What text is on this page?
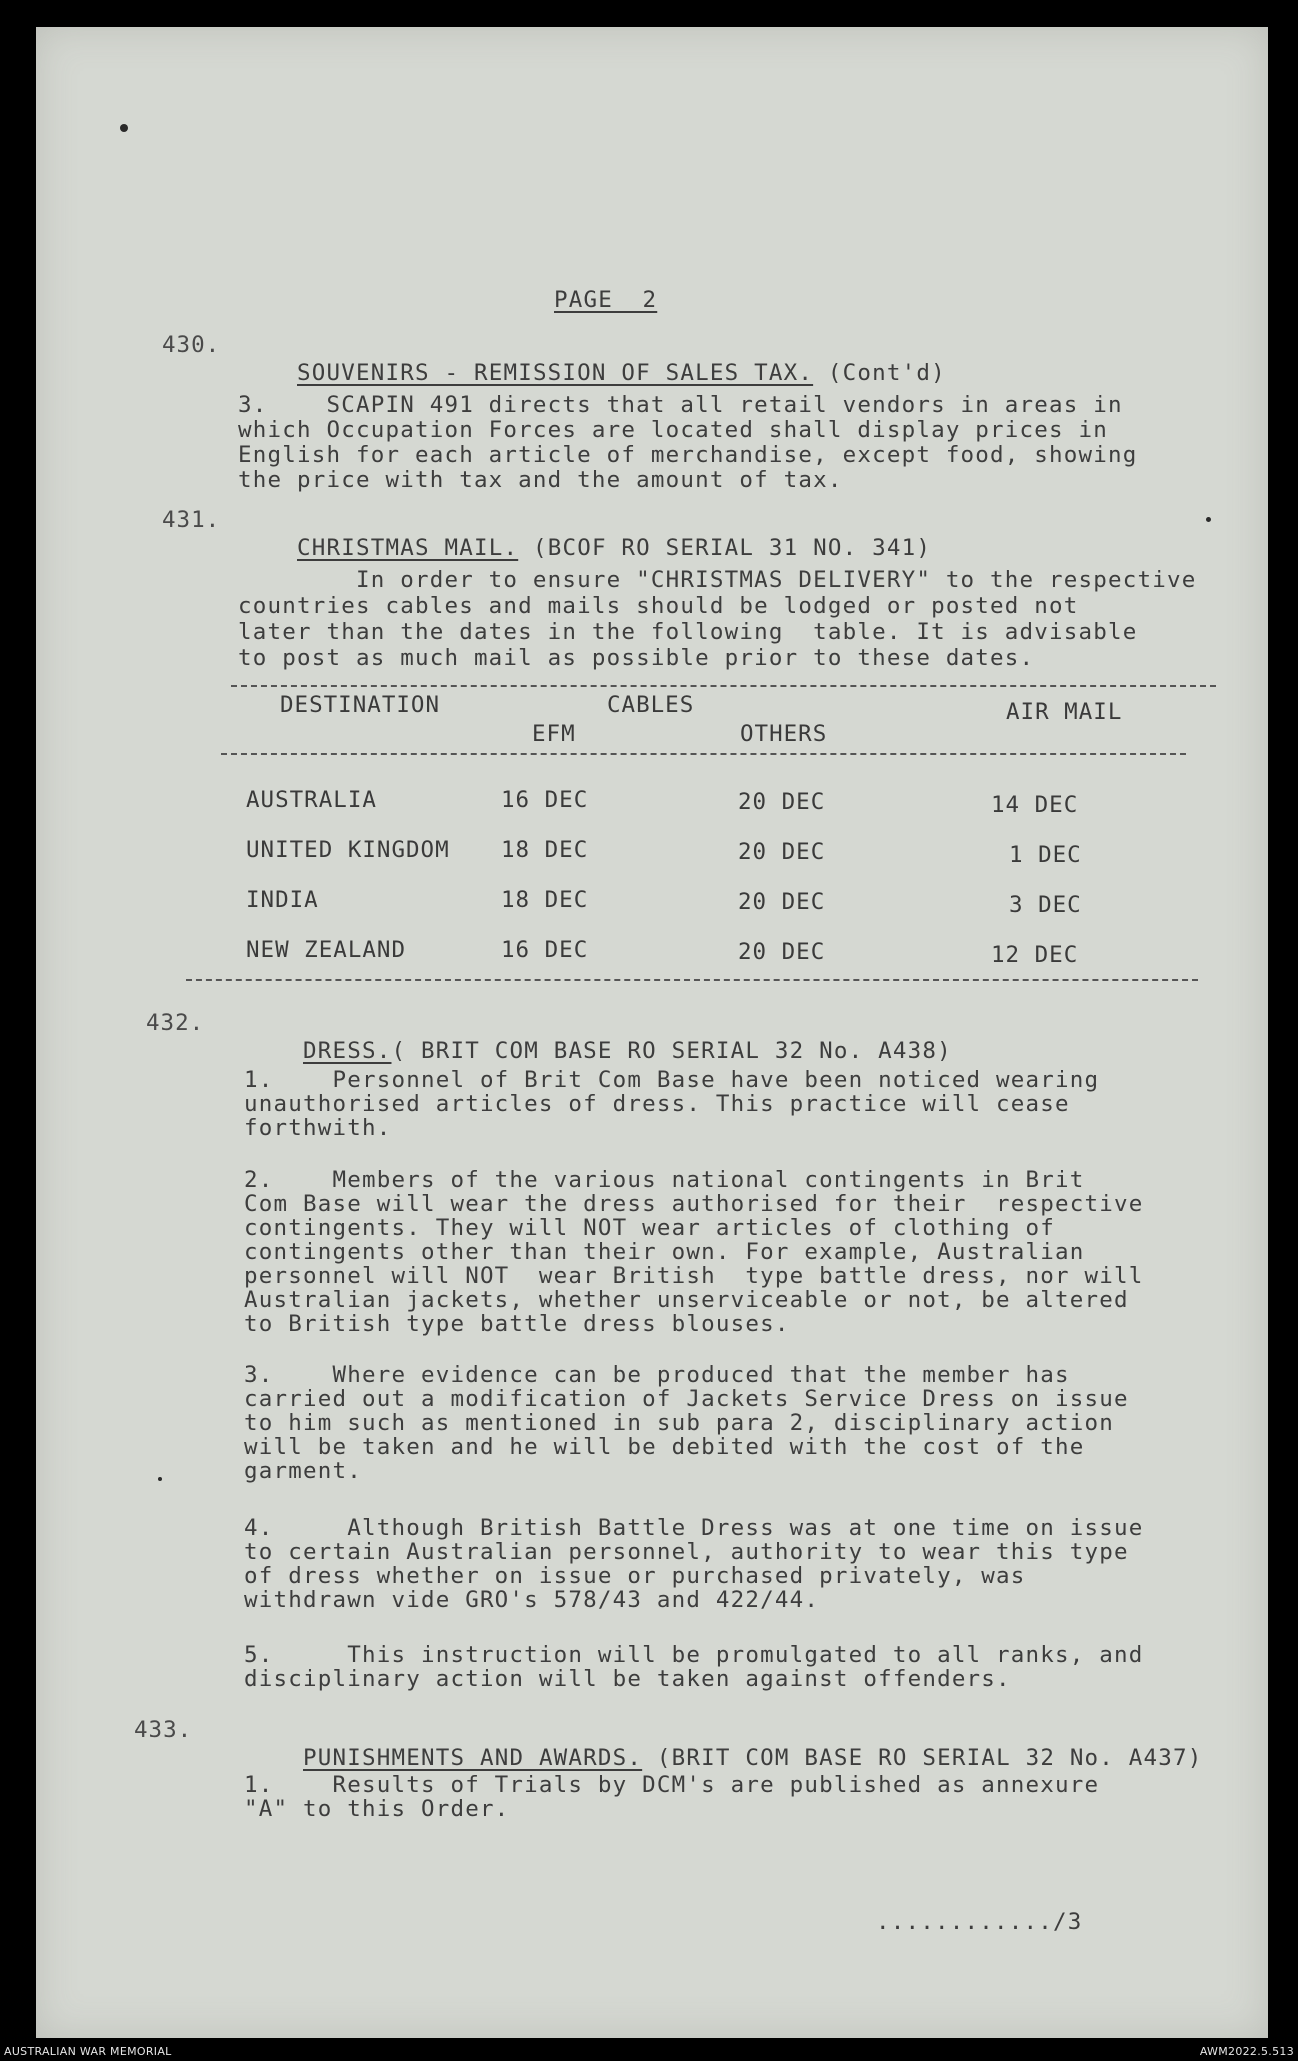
PAGE  2
430.

SOUVENIRS - REMISSION OF SALES TAX. (Cont'd)

3.    SCAPIN 491 directs that all retail vendors in areas in
which Occupation Forces are located shall display prices in
English for each article of merchandise, except food, showing
the price with tax and the amount of tax.
431.

CHRISTMAS MAIL. (BCOF RO SERIAL 31 NO. 341)

In order to ensure "CHRISTMAS DELIVERY" to the respective
countries cables and mails should be lodged or posted not
later than the dates in the following  table. It is advisable
to post as much mail as possible prior to these dates.
DESTINATION	CABLES	AIR MAIL
EFM	OTHERS
AUSTRALIA	16 DEC	20 DEC	14 DEC
UNITED KINGDOM 18 DEC	20 DEC	1 DEC
INDIA	18 DEC	20 DEC	3 DEC
NEW ZEALAND	16 DEC	20 DEC	12 DEC
432.

DRESS.( BRIT COM BASE RO SERIAL 32 No. A438)

1.    Personnel of Brit Com Base have been noticed wearing
unauthorised articles of dress. This practice will cease
forthwith.
2.    Members of the various national contingents in Brit
Com Base will wear the dress authorised for their  respective
contingents. They will NOT wear articles of clothing of
contingents other than their own. For example, Australian
personnel will NOT  wear British  type battle dress, nor will
Australian jackets, whether unserviceable or not, be altered
to British type battle dress blouses.
3.    Where evidence can be produced that the member has
carried out a modification of Jackets Service Dress on issue
to him such as mentioned in sub para 2, disciplinary action
will be taken and he will be debited with the cost of the
garment.
4.     Although British Battle Dress was at one time on issue
to certain Australian personnel, authority to wear this type
of dress whether on issue or purchased privately, was
withdrawn vide GRO's 578/43 and 422/44.
5.     This instruction will be promulgated to all ranks, and
disciplinary action will be taken against offenders.
433.

PUNISHMENTS AND AWARDS. (BRIT COM BASE RO SERIAL 32 No. A437)

1.    Results of Trials by DCM's are published as annexure
"A" to this Order.
............/3
AUSTRALIAN WAR MEMORIAL	AWM2022.5.513
